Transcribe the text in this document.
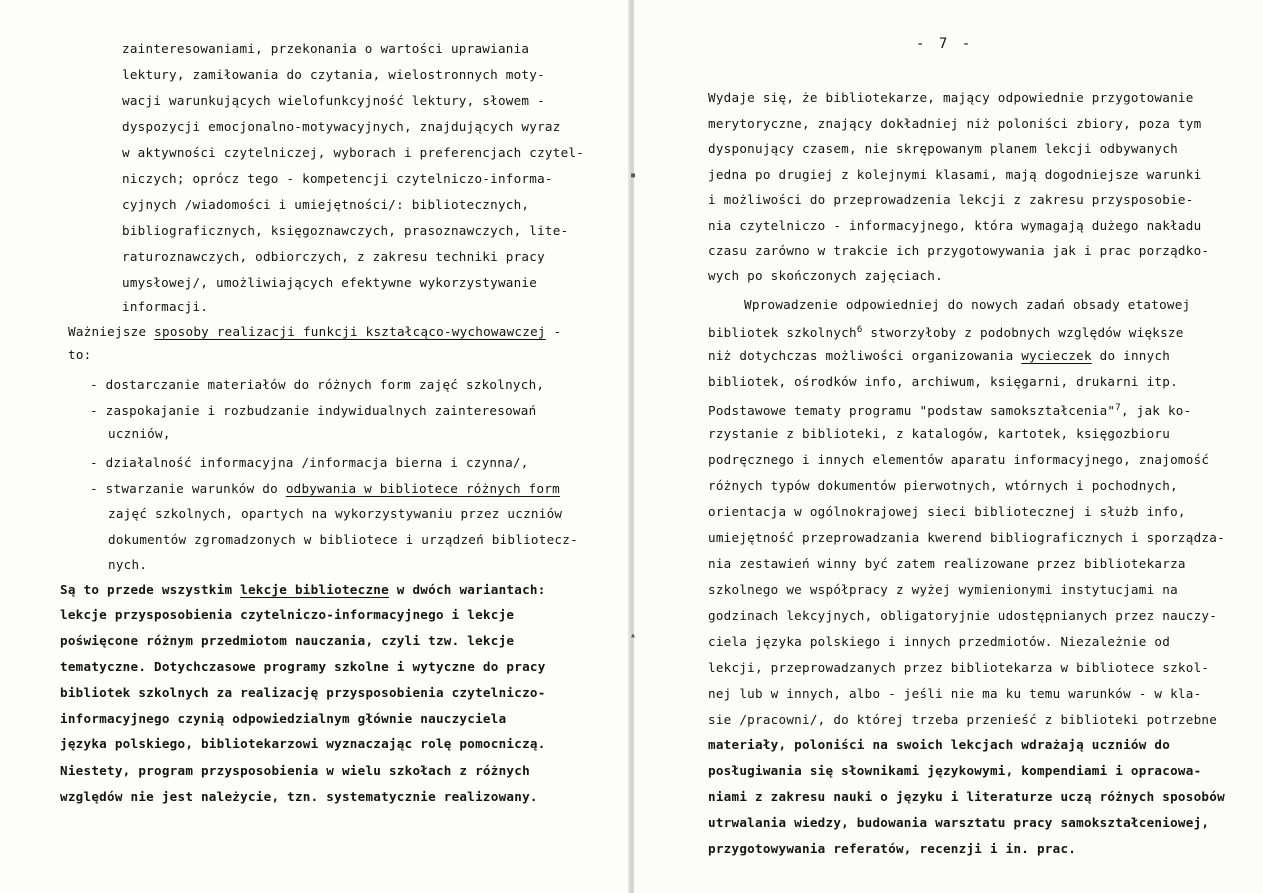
zainteresowaniami, przekonania o wartości uprawiania
lektury, zamiłowania do czytania, wielostronnych moty-
wacji warunkujących wielofunkcyjność lektury, słowem -
dyspozycji emocjonalno-motywacyjnych, znajdujących wyraz
w aktywności czytelniczej, wyborach i preferencjach czytel-
niczych; oprócz tego - kompetencji czytelniczo-informa-
cyjnych /wiadomości i umiejętności/: bibliotecznych,
bibliograficznych, księgoznawczych, prasoznawczych, lite-
raturoznawczych, odbiorczych, z zakresu techniki pracy
umysłowej/, umożliwiających efektywne wykorzystywanie
informacji.
Ważniejsze sposoby realizacji funkcji kształcąco-wychowawczej -
to:
- dostarczanie materiałów do różnych form zajęć szkolnych,
- zaspokajanie i rozbudzanie indywidualnych zainteresowań
uczniów,
- działalność informacyjna /informacja bierna i czynna/,
- stwarzanie warunków do odbywania w bibliotece różnych form
zajęć szkolnych, opartych na wykorzystywaniu przez uczniów
dokumentów zgromadzonych w bibliotece i urządzeń bibliotecz-
nych.
Są to przede wszystkim lekcje biblioteczne w dwóch wariantach:
lekcje przysposobienia czytelniczo-informacyjnego i lekcje
poświęcone różnym przedmiotom nauczania, czyli tzw. lekcje
tematyczne. Dotychczasowe programy szkolne i wytyczne do pracy
bibliotek szkolnych za realizację przysposobienia czytelniczo-
informacyjnego czynią odpowiedzialnym głównie nauczyciela
języka polskiego, bibliotekarzowi wyznaczając rolę pomocniczą.
Niestety, program przysposobienia w wielu szkołach z różnych
względów nie jest należycie, tzn. systematycznie realizowany.
- 7 -
Wydaje się, że bibliotekarze, mający odpowiednie przygotowanie
merytoryczne, znający dokładniej niż poloniści zbiory, poza tym
dysponujący czasem, nie skrępowanym planem lekcji odbywanych
jedna po drugiej z kolejnymi klasami, mają dogodniejsze warunki
i możliwości do przeprowadzenia lekcji z zakresu przysposobie-
nia czytelniczo - informacyjnego, która wymagają dużego nakładu
czasu zarówno w trakcie ich przygotowywania jak i prac porządko-
wych po skończonych zajęciach.
Wprowadzenie odpowiedniej do nowych zadań obsady etatowej
bibliotek szkolnych$^6$ stworzyłoby z podobnych względów większe
niż dotychczas możliwości organizowania wycieczek do innych
bibliotek, ośrodków info, archiwum, księgarni, drukarni itp.
Podstawowe tematy programu "podstaw samokształcenia"$^7$, jak ko-
rzystanie z biblioteki, z katalogów, kartotek, księgozbioru
podręcznego i innych elementów aparatu informacyjnego, znajomość
różnych typów dokumentów pierwotnych, wtórnych i pochodnych,
orientacja w ogólnokrajowej sieci bibliotecznej i służb info,
umiejętność przeprowadzania kwerend bibliograficznych i sporządza-
nia zestawień winny być zatem realizowane przez bibliotekarza
szkolnego we współpracy z wyżej wymienionymi instytucjami na
godzinach lekcyjnych, obligatoryjnie udostępnianych przez nauczy-
ciela języka polskiego i innych przedmiotów. Niezależnie od
lekcji, przeprowadzanych przez bibliotekarza w bibliotece szkol-
nej lub w innych, albo - jeśli nie ma ku temu warunków - w kla-
sie /pracowni/, do której trzeba przenieść z biblioteki potrzebne
materiały, poloniści na swoich lekcjach wdrażają uczniów do
posługiwania się słownikami językowymi, kompendiami i opracowa-
niami z zakresu nauki o języku i literaturze uczą różnych sposobów
utrwalania wiedzy, budowania warsztatu pracy samokształceniowej,
przygotowywania referatów, recenzji i in. prac.
▪
▴
